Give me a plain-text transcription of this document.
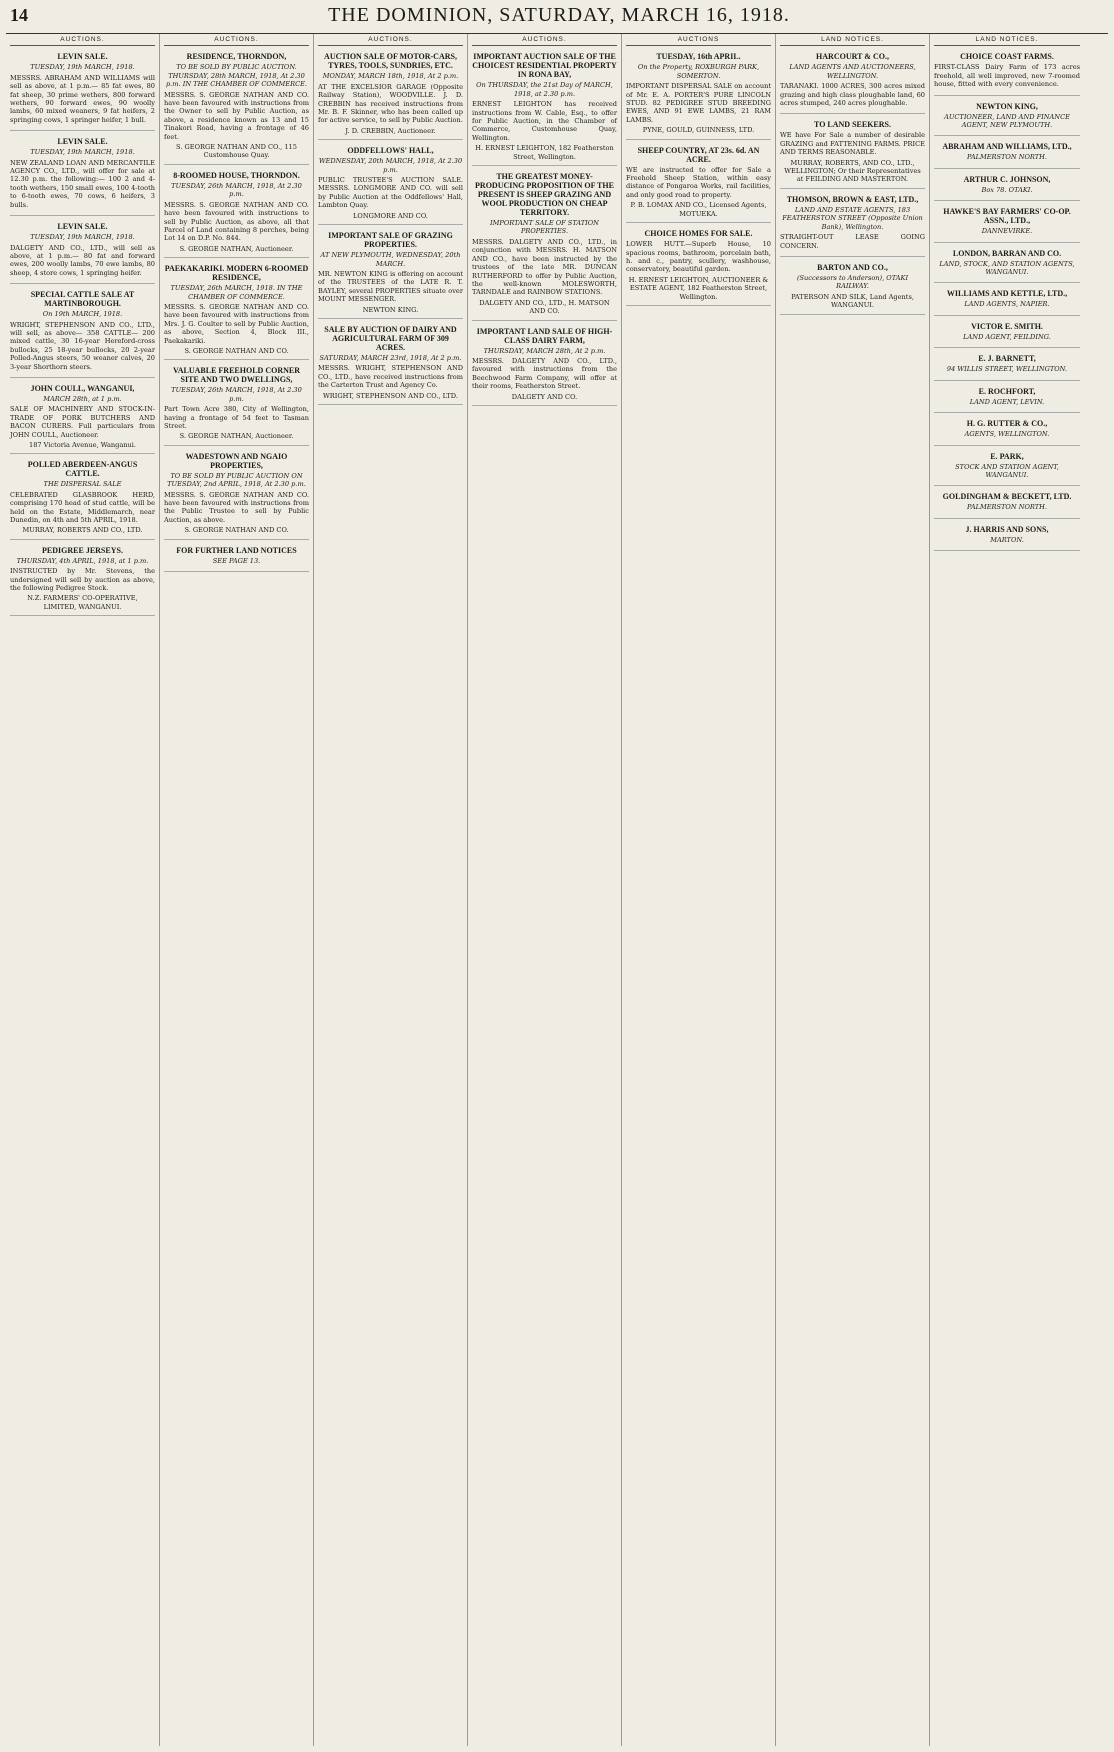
14	THE DOMINION, SATURDAY, MARCH 16, 1918.
AUCTIONS.
LEVIN SALE.
TUESDAY, 19th MARCH, 1918.

MESSRS. ABRAHAM AND WILLIAMS will sell as above, at 1 p.m.— 85 fat ewes, 80 fat sheep, 30 prime wethers, 800 forward wethers, 90 forward ewes, 90 woolly lambs, 60 mixed weaners, 9 fat heifers, 2 springing cows, 1 springer heifer, 1 bull.

LEVIN SALE.
TUESDAY, 19th MARCH, 1918.

NEW ZEALAND LOAN AND MERCANTILE AGENCY CO., LTD., will offer for sale at 12.30 p.m. the following:— 100 2 and 4-tooth wethers, 150 small ewes, 100 4-tooth to 6-tooth ewes, 70 cows, 6 heifers, 3 bulls.

LEVIN SALE.
TUESDAY, 19th MARCH, 1918.

DALGETY AND CO., LTD., will sell as above, at 1 p.m.— 80 fat and forward ewes, 200 woolly lambs, 70 ewe lambs, 80 sheep, 4 store cows, 1 springing heifer.

SPECIAL CATTLE SALE AT MARTINBOROUGH.
On 19th MARCH, 1918.

WRIGHT, STEPHENSON AND CO., LTD., will sell, as above— 358 CATTLE— 200 mixed cattle, 30 16-year Hereford-cross bullocks, 25 18-year bullocks, 20 2-year Polled-Angus steers, 50 weaner calves, 20 3-year Shorthorn steers.

JOHN COULL, WANGANUI,
MARCH 28th, at 1 p.m.

SALE OF MACHINERY AND STOCK-IN-TRADE OF PORK BUTCHERS AND BACON CURERS. Full particulars from JOHN COULL, Auctioneer.

187 Victoria Avenue, Wanganui.
POLLED ABERDEEN-ANGUS CATTLE.
THE DISPERSAL SALE

CELEBRATED GLASBROOK HERD, comprising 170 head of stud cattle, will be held on the Estate, Middlemarch, near Dunedin, on 4th and 5th APRIL, 1918.

MURRAY, ROBERTS AND CO., LTD.
PEDIGREE JERSEYS.
THURSDAY, 4th APRIL, 1918, at 1 p.m.

INSTRUCTED by Mr. Stevens, the undersigned will sell by auction as above, the following Pedigree Stock.

N.Z. FARMERS' CO-OPERATIVE, LIMITED, WANGANUI.
AUCTIONS.
RESIDENCE, THORNDON,
TO BE SOLD BY PUBLIC AUCTION. THURSDAY, 28th MARCH, 1918, At 2.30 p.m. IN THE CHAMBER OF COMMERCE.

MESSRS. S. GEORGE NATHAN AND CO. have been favoured with instructions from the Owner to sell by Public Auction, as above, a residence known as 13 and 15 Tinakori Road, having a frontage of 46 feet.

S. GEORGE NATHAN AND CO., 115 Customhouse Quay.
8-ROOMED HOUSE, THORNDON.
TUESDAY, 26th MARCH, 1918, At 2.30 p.m.

MESSRS. S. GEORGE NATHAN AND CO. have been favoured with instructions to sell by Public Auction, as above, all that Parcel of Land containing 8 perches, being Lot 14 on D.P. No. 844.

S. GEORGE NATHAN, Auctioneer.
PAEKAKARIKI. MODERN 6-ROOMED RESIDENCE,
TUESDAY, 26th MARCH, 1918. IN THE CHAMBER OF COMMERCE.

MESSRS. S. GEORGE NATHAN AND CO. have been favoured with instructions from Mrs. J. G. Coulter to sell by Public Auction, as above, Section 4, Block III., Paekakariki.

S. GEORGE NATHAN AND CO.
VALUABLE FREEHOLD CORNER SITE AND TWO DWELLINGS,
TUESDAY, 26th MARCH, 1918, At 2.30 p.m.

Part Town Acre 380, City of Wellington, having a frontage of 54 feet to Tasman Street.

S. GEORGE NATHAN, Auctioneer.
WADESTOWN AND NGAIO PROPERTIES,
TO BE SOLD BY PUBLIC AUCTION ON TUESDAY, 2nd APRIL, 1918, At 2.30 p.m.

MESSRS. S. GEORGE NATHAN AND CO. have been favoured with instructions from the Public Trustee to sell by Public Auction, as above.

S. GEORGE NATHAN AND CO.
FOR FURTHER LAND NOTICES
SEE PAGE 13.
AUCTIONS.
AUCTION SALE OF MOTOR-CARS, TYRES, TOOLS, SUNDRIES, ETC.
MONDAY, MARCH 18th, 1918, At 2 p.m.

AT THE EXCELSIOR GARAGE (Opposite Railway Station), WOODVILLE. J. D. CREBBIN has received instructions from Mr. B. F. Skinner, who has been called up for active service, to sell by Public Auction.

J. D. CREBBIN, Auctioneer.
ODDFELLOWS' HALL,
WEDNESDAY, 20th MARCH, 1918, At 2.30 p.m.

PUBLIC TRUSTEE'S AUCTION SALE. MESSRS. LONGMORE AND CO. will sell by Public Auction at the Oddfellows' Hall, Lambton Quay.

LONGMORE AND CO.
IMPORTANT SALE OF GRAZING PROPERTIES.
AT NEW PLYMOUTH, WEDNESDAY, 20th MARCH.

MR. NEWTON KING is offering on account of the TRUSTEES of the LATE R. T. BAYLEY, several PROPERTIES situate over MOUNT MESSENGER.

NEWTON KING.
SALE BY AUCTION OF DAIRY AND AGRICULTURAL FARM OF 309 ACRES.
SATURDAY, MARCH 23rd, 1918, At 2 p.m.

MESSRS. WRIGHT, STEPHENSON AND CO., LTD., have received instructions from the Carterton Trust and Agency Co.

WRIGHT, STEPHENSON AND CO., LTD.
AUCTIONS.
IMPORTANT AUCTION SALE OF THE CHOICEST RESIDENTIAL PROPERTY IN RONA BAY,
On THURSDAY, the 21st Day of MARCH, 1918, at 2.30 p.m.

ERNEST LEIGHTON has received instructions from W. Cable, Esq., to offer for Public Auction, in the Chamber of Commerce, Customhouse Quay, Wellington.

H. ERNEST LEIGHTON, 182 Featherston Street, Wellington.
THE GREATEST MONEY-PRODUCING PROPOSITION OF THE PRESENT IS SHEEP GRAZING AND WOOL PRODUCTION ON CHEAP TERRITORY.
IMPORTANT SALE OF STATION PROPERTIES.

MESSRS. DALGETY AND CO., LTD., in conjunction with MESSRS. H. MATSON AND CO., have been instructed by the trustees of the late MR. DUNCAN RUTHERFORD to offer by Public Auction, the well-known MOLESWORTH, TARNDALE and RAINBOW STATIONS.

DALGETY AND CO., LTD., H. MATSON AND CO.
IMPORTANT LAND SALE OF HIGH-CLASS DAIRY FARM,
THURSDAY, MARCH 28th, At 2 p.m.

MESSRS. DALGETY AND CO., LTD., favoured with instructions from the Beechwood Farm Company, will offer at their rooms, Featherston Street.

DALGETY AND CO.
AUCTIONS
TUESDAY, 16th APRIL.
On the Property, ROXBURGH PARK, SOMERTON.

IMPORTANT DISPERSAL SALE on account of Mr. E. A. PORTER'S PURE LINCOLN STUD. 82 PEDIGREE STUD BREEDING EWES, AND 91 EWE LAMBS, 21 RAM LAMBS.

PYNE, GOULD, GUINNESS, LTD.
SHEEP COUNTRY, AT 23s. 6d. AN ACRE.

WE are instructed to offer for Sale a Freehold Sheep Station, within easy distance of Pongaroa Works, rail facilities, and only good road to property.

P. B. LOMAX AND CO., Licensed Agents, MOTUEKA.
CHOICE HOMES FOR SALE.

LOWER HUTT.—Superb House, 10 spacious rooms, bathroom, porcelain bath, h. and c., pantry, scullery, washhouse, conservatory, beautiful garden.

H. ERNEST LEIGHTON, AUCTIONEER & ESTATE AGENT, 182 Featherston Street, Wellington.
LAND NOTICES.
HARCOURT & CO.,
LAND AGENTS AND AUCTIONEERS, WELLINGTON.

TARANAKI. 1000 ACRES, 300 acres mixed grazing and high class ploughable land, 60 acres stumped, 240 acres ploughable.

TO LAND SEEKERS.

WE have For Sale a number of desirable GRAZING and FATTENING FARMS. PRICE AND TERMS REASONABLE.

MURRAY, ROBERTS, AND CO., LTD., WELLINGTON; Or their Representatives at FEILDING AND MASTERTON.
THOMSON, BROWN & EAST, LTD.,
LAND AND ESTATE AGENTS, 183 FEATHERSTON STREET (Opposite Union Bank), Wellington.

STRAIGHT-OUT LEASE GOING CONCERN.

BARTON AND CO.,
(Successors to Anderson), OTAKI RAILWAY.
PATERSON AND SILK, Land Agents, WANGANUI.
LAND NOTICES.
CHOICE COAST FARMS.

FIRST-CLASS Dairy Farm of 173 acres freehold, all well improved, new 7-roomed house, fitted with every convenience.

NEWTON KING,
AUCTIONEER, LAND AND FINANCE AGENT, NEW PLYMOUTH.
ABRAHAM AND WILLIAMS, LTD.,
PALMERSTON NORTH.
ARTHUR C. JOHNSON,
Box 78. OTAKI.
HAWKE'S BAY FARMERS' CO-OP. ASSN., LTD.,
DANNEVIRKE.
LONDON, BARRAN AND CO.
LAND, STOCK, AND STATION AGENTS, WANGANUI.
WILLIAMS AND KETTLE, LTD.,
LAND AGENTS, NAPIER.
VICTOR E. SMITH.
LAND AGENT, FEILDING.
E. J. BARNETT,
94 WILLIS STREET, WELLINGTON.
E. ROCHFORT,
LAND AGENT, LEVIN.
H. G. RUTTER & CO.,
AGENTS, WELLINGTON.
E. PARK,
STOCK AND STATION AGENT, WANGANUI.
GOLDINGHAM & BECKETT, LTD.
PALMERSTON NORTH.
J. HARRIS AND SONS,
MARTON.
